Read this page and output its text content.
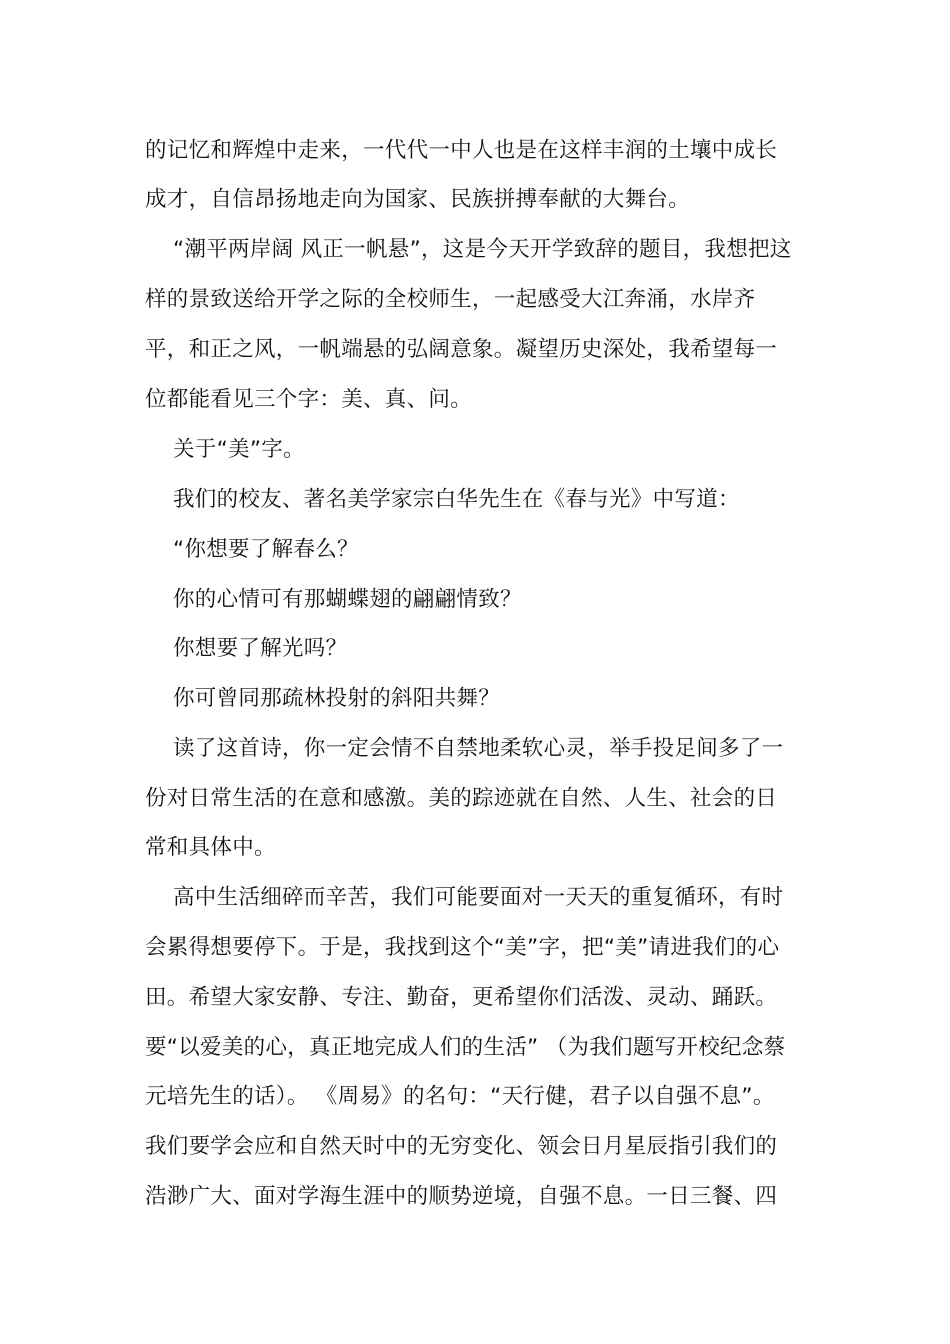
的记忆和辉煌中走来，一代代一中人也是在这样丰润的土壤中成长
成才，自信昂扬地走向为国家、民族拼搏奉献的大舞台。
“潮平两岸阔 风正一帆悬”，这是今天开学致辞的题目，我想把这
样的景致送给开学之际的全校师生，一起感受大江奔涌，水岸齐
平，和正之风，一帆端悬的弘阔意象。凝望历史深处，我希望每一
位都能看见三个字：美、真、问。
关于“美”字。
我们的校友、著名美学家宗白华先生在《春与光》中写道：
“你想要了解春么？
你的心情可有那蝴蝶翅的翩翩情致？
你想要了解光吗？
你可曾同那疏林投射的斜阳共舞？
读了这首诗，你一定会情不自禁地柔软心灵，举手投足间多了一
份对日常生活的在意和感激。美的踪迹就在自然、人生、社会的日
常和具体中。
高中生活细碎而辛苦，我们可能要面对一天天的重复循环，有时
会累得想要停下。于是，我找到这个“美”字，把“美”请进我们的心
田。希望大家安静、专注、勤奋，更希望你们活泼、灵动、踊跃。
要“以爱美的心，真正地完成人们的生活” （为我们题写开校纪念蔡
元培先生的话）。 《周易》的名句：“天行健，君子以自强不息”。
我们要学会应和自然天时中的无穷变化、领会日月星辰指引我们的
浩渺广大、面对学海生涯中的顺势逆境，自强不息。一日三餐、四
